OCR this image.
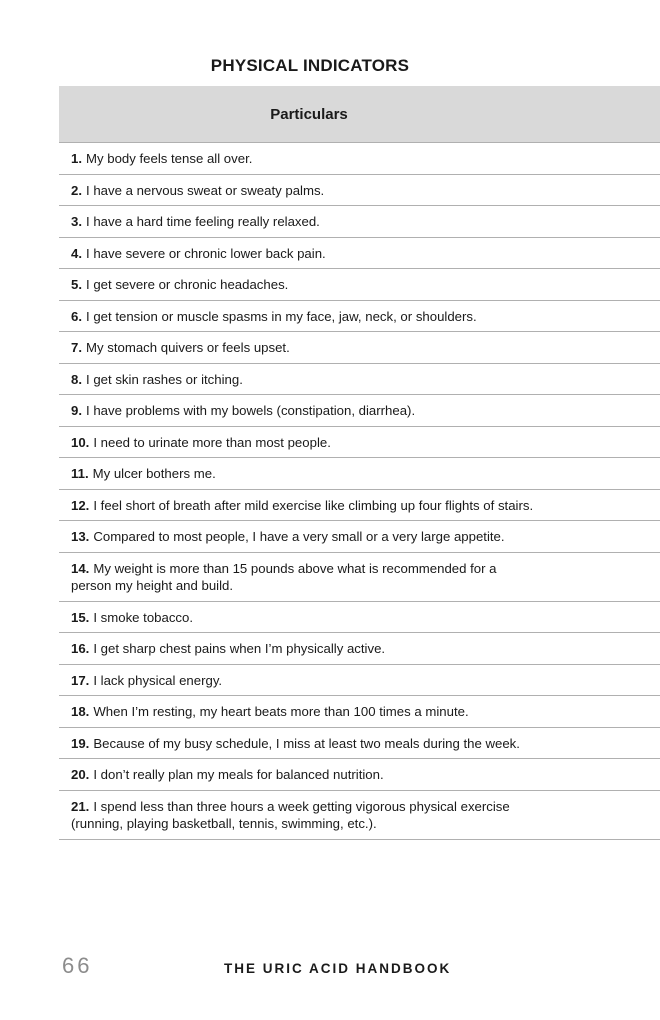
PHYSICAL INDICATORS
Particulars
1. My body feels tense all over.
2. I have a nervous sweat or sweaty palms.
3. I have a hard time feeling really relaxed.
4. I have severe or chronic lower back pain.
5. I get severe or chronic headaches.
6. I get tension or muscle spasms in my face, jaw, neck, or shoulders.
7. My stomach quivers or feels upset.
8. I get skin rashes or itching.
9. I have problems with my bowels (constipation, diarrhea).
10. I need to urinate more than most people.
11. My ulcer bothers me.
12. I feel short of breath after mild exercise like climbing up four flights of stairs.
13. Compared to most people, I have a very small or a very large appetite.
14. My weight is more than 15 pounds above what is recommended for a person my height and build.
15. I smoke tobacco.
16. I get sharp chest pains when I’m physically active.
17. I lack physical energy.
18. When I’m resting, my heart beats more than 100 times a minute.
19. Because of my busy schedule, I miss at least two meals during the week.
20. I don’t really plan my meals for balanced nutrition.
21. I spend less than three hours a week getting vigorous physical exercise (running, playing basketball, tennis, swimming, etc.).
66	THE URIC ACID HANDBOOK
